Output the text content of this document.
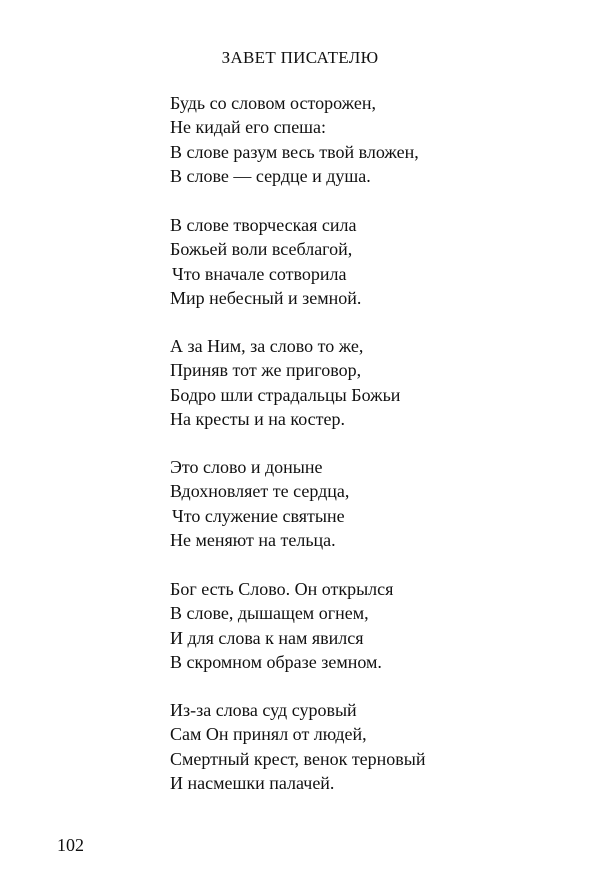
ЗАВЕТ ПИСАТЕЛЮ
Будь со словом осторожен,
Не кидай его спеша:
В слове разум весь твой вложен,
В слове — сердце и душа.
В слове творческая сила
Божьей воли всеблагой,
Что вначале сотворила
Мир небесный и земной.
А за Ним, за слово то же,
Приняв тот же приговор,
Бодро шли страдальцы Божьи
На кресты и на костер.
Это слово и доныне
Вдохновляет те сердца,
Что служение святыне
Не меняют на тельца.
Бог есть Слово. Он открылся
В слове, дышащем огнем,
И для слова к нам явился
В скромном образе земном.
Из-за слова суд суровый
Сам Он принял от людей,
Смертный крест, венок терновый
И насмешки палачей.
102
